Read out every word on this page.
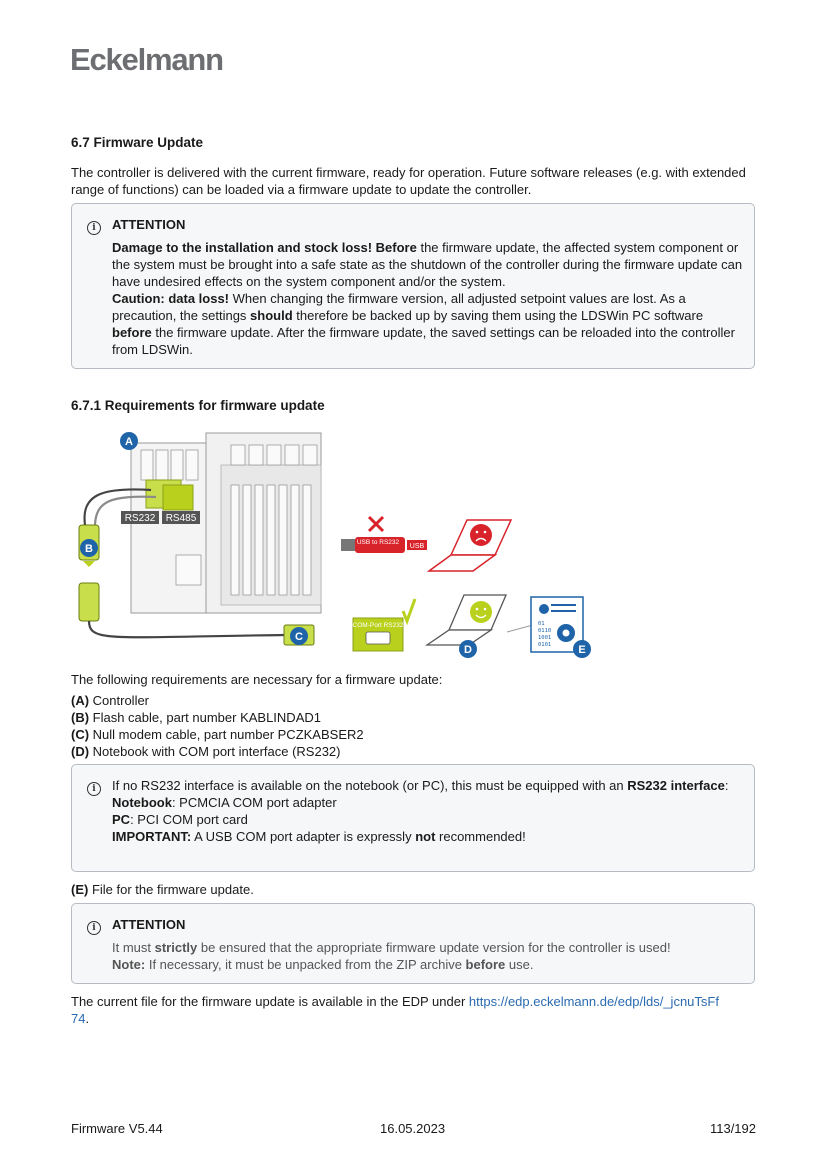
Eckelmann
6.7 Firmware Update

The controller is delivered with the current firmware, ready for operation. Future software releases (e.g. with extended range of functions) can be loaded via a firmware update to update the controller.

i	ATTENTION
Damage to the installation and stock loss! Before the firmware update, the affected system component or the system must be brought into a safe state as the shutdown of the controller during the firmware update can have undesired effects on the system component and/or the system.
Caution: data loss! When changing the firmware version, all adjusted setpoint values are lost. As a precaution, the settings should therefore be backed up by saving them using the LDSWin PC software before the firmware update. After the firmware update, the saved settings can be reloaded into the controller from LDSWin.
6.7.1 Requirements for firmware update
RS232 RS485
COM-Port RS232
USB to RS232
USB
01
0110
1001
0101
A
B
C
D	E

The following requirements are necessary for a firmware update:

(A) Controller
(B) Flash cable, part number KABLINDAD1
(C) Null modem cable, part number PCZKABSER2
(D) Notebook with COM port interface (RS232)
i	If no RS232 interface is available on the notebook (or PC), this must be equipped with an RS232 interface:
Notebook: PCMCIA COM port adapter
PC: PCI COM port card
IMPORTANT: A USB COM port adapter is expressly not recommended!
(E) File for the firmware update.
i	ATTENTION
It must strictly be ensured that the appropriate firmware update version for the controller is used!
Note: If necessary, it must be unpacked from the ZIP archive before use.

The current file for the firmware update is available in the EDP under https://edp.eckelmann.de/edp/lds/_jcnuTsFf74.

Firmware V5.44	16.05.2023	113/192
